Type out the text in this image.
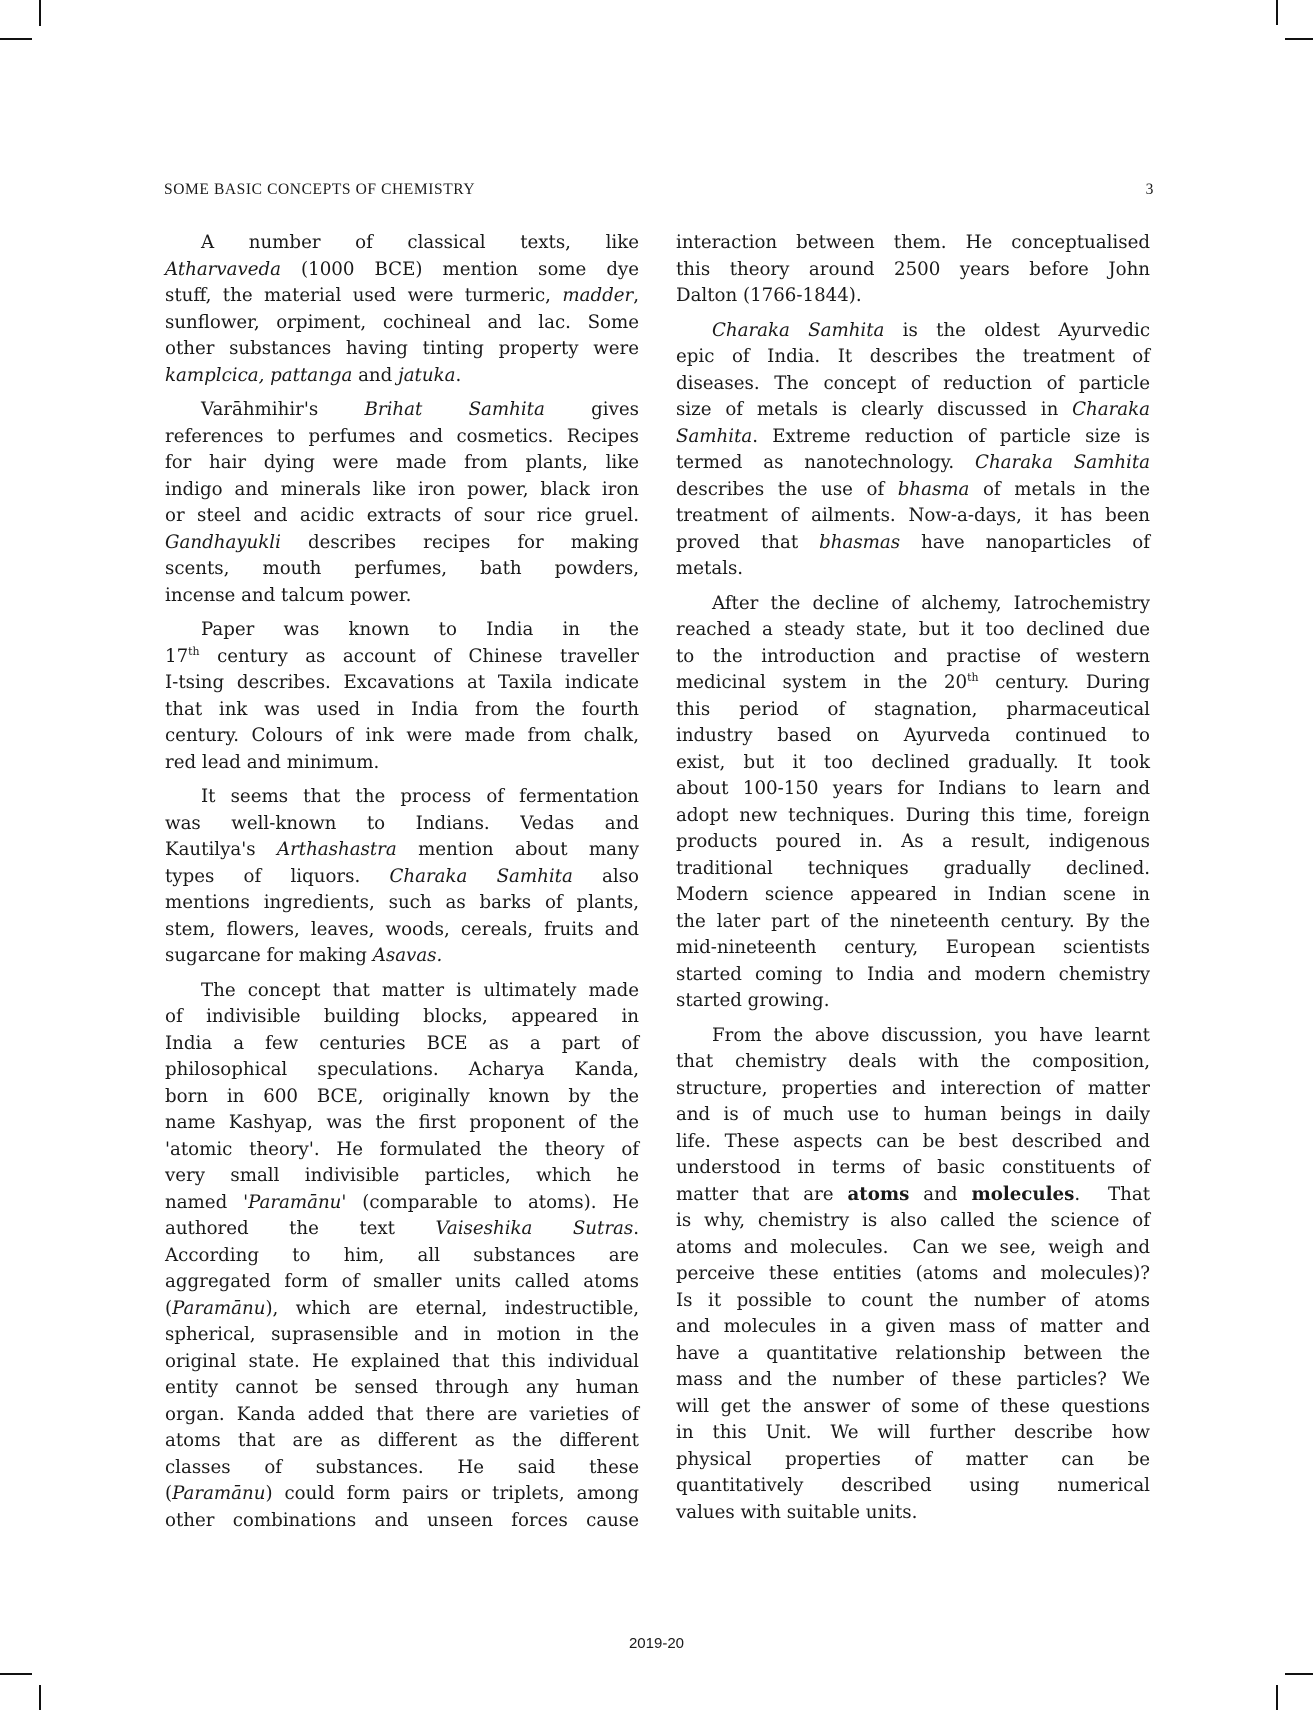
SOME BASIC CONCEPTS OF CHEMISTRY	3
A number of classical texts, like
Atharvaveda (1000 BCE) mention some dye
stuff, the material used were turmeric, madder,
sunflower, orpiment, cochineal and lac. Some
other substances having tinting property were
kamplcica, pattanga and jatuka.
Varāhmihir's Brihat Samhita gives
references to perfumes and cosmetics. Recipes
for hair dying were made from plants, like
indigo and minerals like iron power, black iron
or steel and acidic extracts of sour rice gruel.
Gandhayukli describes recipes for making
scents, mouth perfumes, bath powders,
incense and talcum power.
Paper was known to India in the
17th century as account of Chinese traveller
I-tsing describes. Excavations at Taxila indicate
that ink was used in India from the fourth
century. Colours of ink were made from chalk,
red lead and minimum.
It seems that the process of fermentation
was well-known to Indians. Vedas and
Kautilya's Arthashastra mention about many
types of liquors. Charaka Samhita also
mentions ingredients, such as barks of plants,
stem, flowers, leaves, woods, cereals, fruits and
sugarcane for making Asavas.
The concept that matter is ultimately made
of indivisible building blocks, appeared in
India a few centuries BCE as a part of
philosophical speculations. Acharya Kanda,
born in 600 BCE, originally known by the
name Kashyap, was the first proponent of the
'atomic theory'. He formulated the theory of
very small indivisible particles, which he
named 'Paramānu' (comparable to atoms). He
authored the text Vaiseshika Sutras.
According to him, all substances are
aggregated form of smaller units called atoms
(Paramānu), which are eternal, indestructible,
spherical, suprasensible and in motion in the
original state. He explained that this individual
entity cannot be sensed through any human
organ. Kanda added that there are varieties of
atoms that are as different as the different
classes of substances. He said these
(Paramānu) could form pairs or triplets, among
other combinations and unseen forces cause
interaction between them. He conceptualised
this theory around 2500 years before John
Dalton (1766-1844).
Charaka Samhita is the oldest Ayurvedic
epic of India. It describes the treatment of
diseases. The concept of reduction of particle
size of metals is clearly discussed in Charaka
Samhita. Extreme reduction of particle size is
termed as nanotechnology. Charaka Samhita
describes the use of bhasma of metals in the
treatment of ailments. Now-a-days, it has been
proved that bhasmas have nanoparticles of
metals.
After the decline of alchemy, Iatrochemistry
reached a steady state, but it too declined due
to the introduction and practise of western
medicinal system in the 20th century. During
this period of stagnation, pharmaceutical
industry based on Ayurveda continued to
exist, but it too declined gradually. It took
about 100-150 years for Indians to learn and
adopt new techniques. During this time, foreign
products poured in. As a result, indigenous
traditional techniques gradually declined.
Modern science appeared in Indian scene in
the later part of the nineteenth century. By the
mid-nineteenth century, European scientists
started coming to India and modern chemistry
started growing.
From the above discussion, you have learnt
that chemistry deals with the composition,
structure, properties and interection of matter
and is of much use to human beings in daily
life. These aspects can be best described and
understood in terms of basic constituents of
matter that are atoms and molecules.  That
is why, chemistry is also called the science of
atoms and molecules.  Can we see, weigh and
perceive these entities (atoms and molecules)?
Is it possible to count the number of atoms
and molecules in a given mass of matter and
have a quantitative relationship between the
mass and the number of these particles? We
will get the answer of some of these questions
in this Unit. We will further describe how
physical properties of matter can be
quantitatively described using numerical
values with suitable units.
2019-20
